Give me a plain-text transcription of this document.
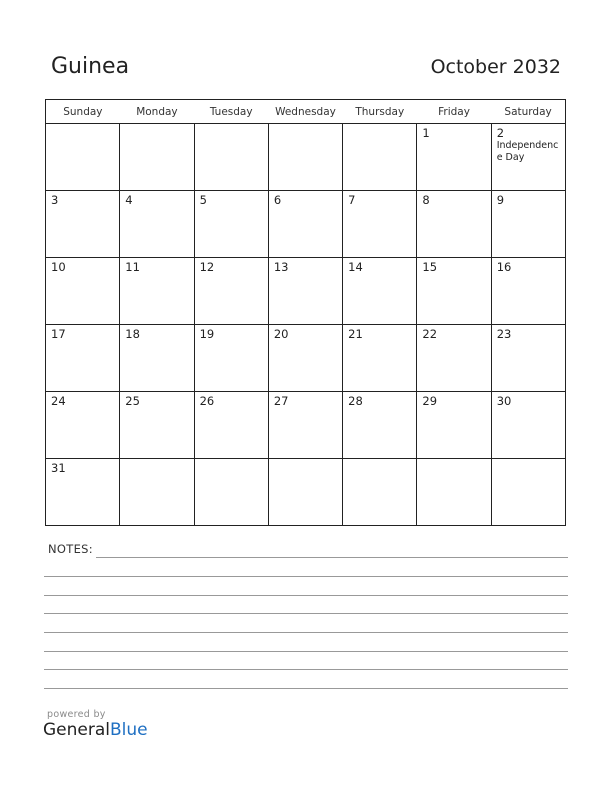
Guinea	October 2032
Sunday	Monday	Tuesday	Wednesday	Thursday	Friday	Saturday

					1	2
Independence Day

3	4	5	6	7	8	9

10	11	12	13	14	15	16

17	18	19	20	21	22	23

24	25	26	27	28	29	30

31						

NOTES:
powered by
GeneralBlue
